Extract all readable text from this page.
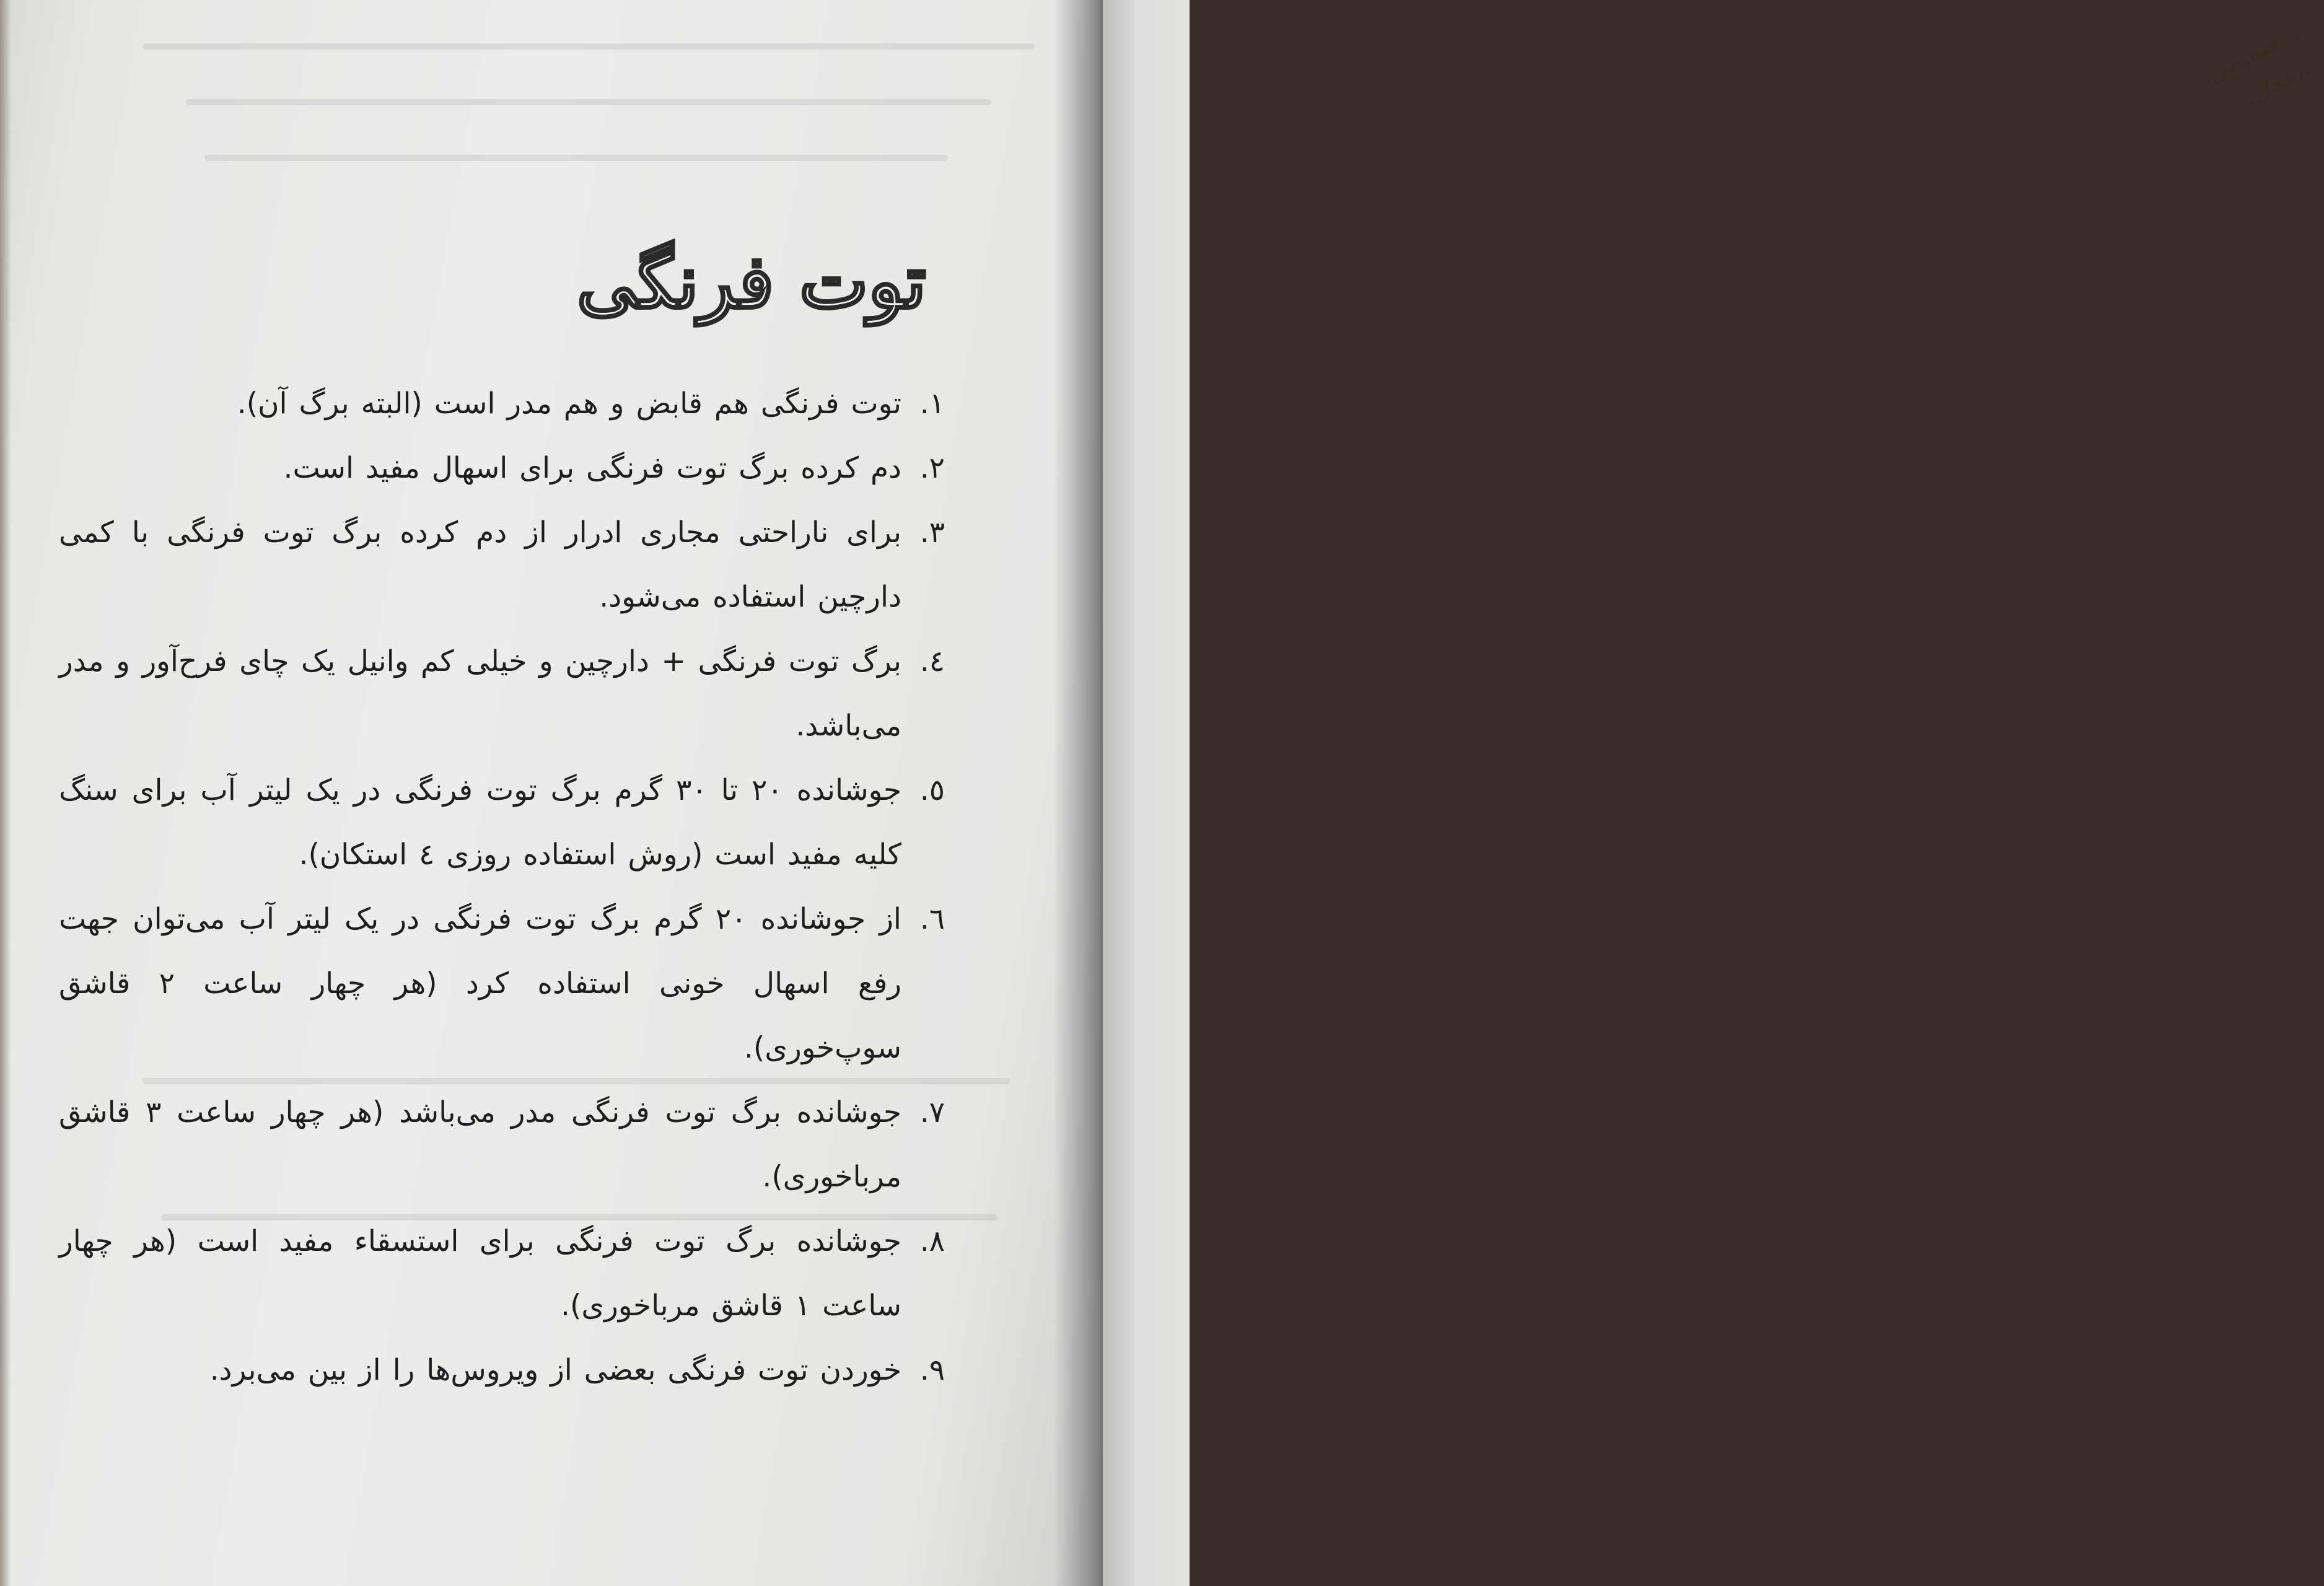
توت فرنگی
۱.
توت فرنگی هم قابض و هم مدر است (البته برگ آن).
۲.
دم کرده برگ توت فرنگی برای اسهال مفید است.
۳.
برای ناراحتی مجاری ادرار از دم کرده برگ توت فرنگی با کمی دارچین استفاده می‌شود.
٤.
برگ توت فرنگی + دارچین و خیلی کم وانیل یک چای فرح‌آور و مدر می‌باشد.
٥.
جوشانده ۲۰ تا ۳۰ گرم برگ توت فرنگی در یک لیتر آب برای سنگ کلیه مفید است (روش استفاده روزی ٤ استکان).
٦.
از جوشانده ۲۰ گرم برگ توت فرنگی در یک لیتر آب می‌توان جهت رفع اسهال خونی استفاده کرد (هر چهار ساعت ۲ قاشق سوپ‌خوری).
۷.
جوشانده برگ توت فرنگی مدر می‌باشد (هر چهار ساعت ۳ قاشق مرباخوری).
۸.
جوشانده برگ توت فرنگی برای استسقاء مفید است (هر چهار ساعت ۱ قاشق مرباخوری).
۹.
خوردن توت فرنگی بعضی از ویروس‌ها را از بین می‌برد.
...صمیمی، ...عمل.
